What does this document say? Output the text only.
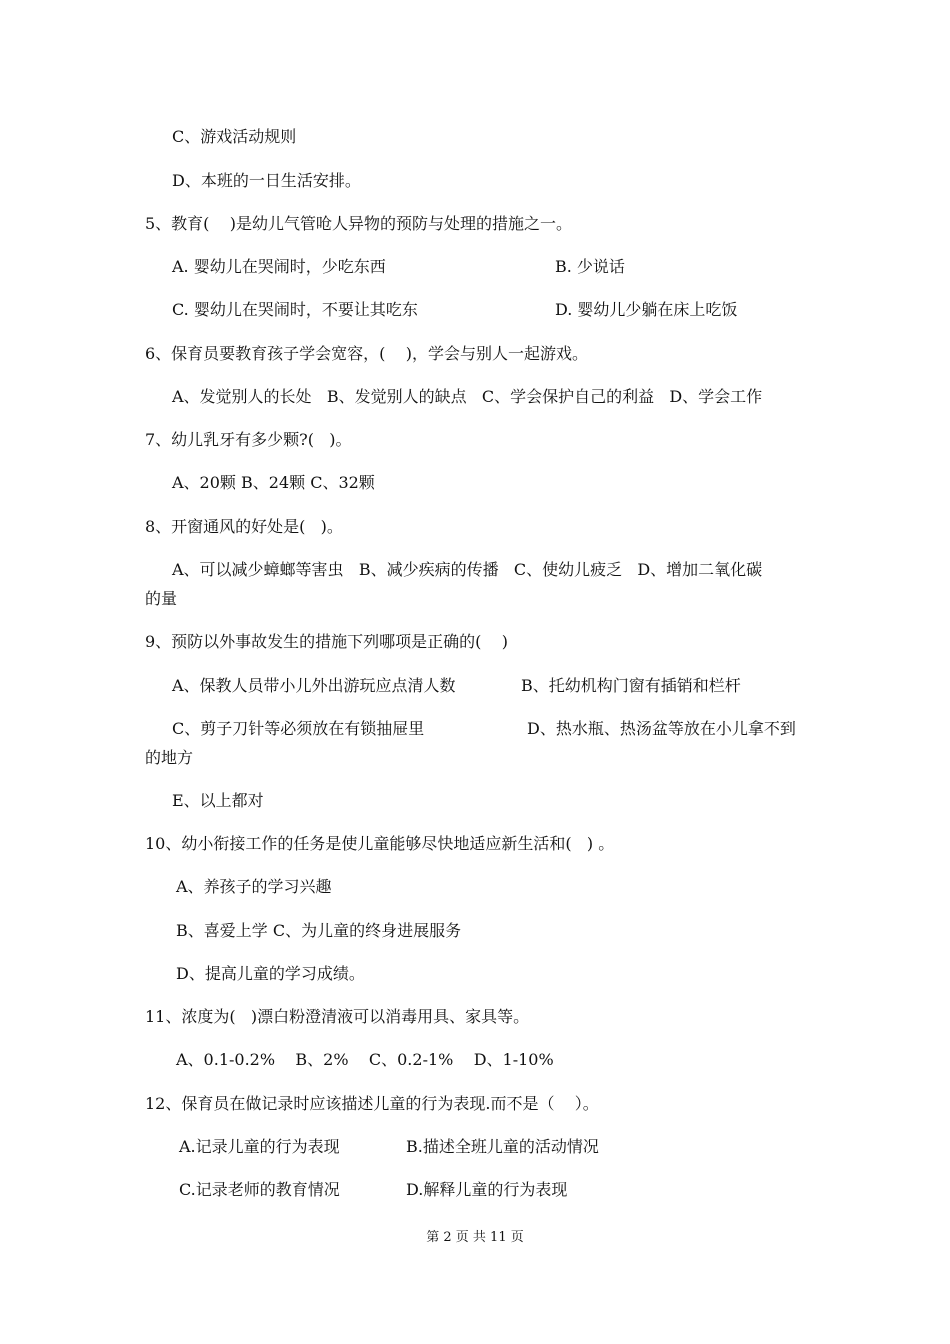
C、游戏活动规则
D、本班的一日生活安排。
5、教育(    )是幼儿气管呛人异物的预防与处理的措施之一。
A. 婴幼儿在哭闹时，少吃东西	B. 少说话
C. 婴幼儿在哭闹时，不要让其吃东	D. 婴幼儿少躺在床上吃饭
6、保育员要教育孩子学会宽容，(    )，学会与别人一起游戏。
A、发觉别人的长处   B、发觉别人的缺点   C、学会保护自己的利益   D、学会工作
7、幼儿乳牙有多少颗?(   )。
A、20颗 B、24颗 C、32颗
8、开窗通风的好处是(   )。
A、可以减少蟑螂等害虫   B、减少疾病的传播   C、使幼儿疲乏   D、增加二氧化碳
的量
9、预防以外事故发生的措施下列哪项是正确的(    )
A、保教人员带小儿外出游玩应点清人数	B、托幼机构门窗有插销和栏杆
C、剪子刀针等必须放在有锁抽屉里	D、热水瓶、热汤盆等放在小儿拿不到
的地方
E、以上都对
10、幼小衔接工作的任务是使儿童能够尽快地适应新生活和(   ) 。
A、养孩子的学习兴趣
B、喜爱上学 C、为儿童的终身进展服务
D、提高儿童的学习成绩。
11、浓度为(   )漂白粉澄清液可以消毒用具、家具等。
A、0.1-0.2%    B、2%    C、0.2-1%    D、1-10%
12、保育员在做记录时应该描述儿童的行为表现.而不是（    ）。
A.记录儿童的行为表现	B.描述全班儿童的活动情况
C.记录老师的教育情况	D.解释儿童的行为表现
第 2 页 共 11 页
